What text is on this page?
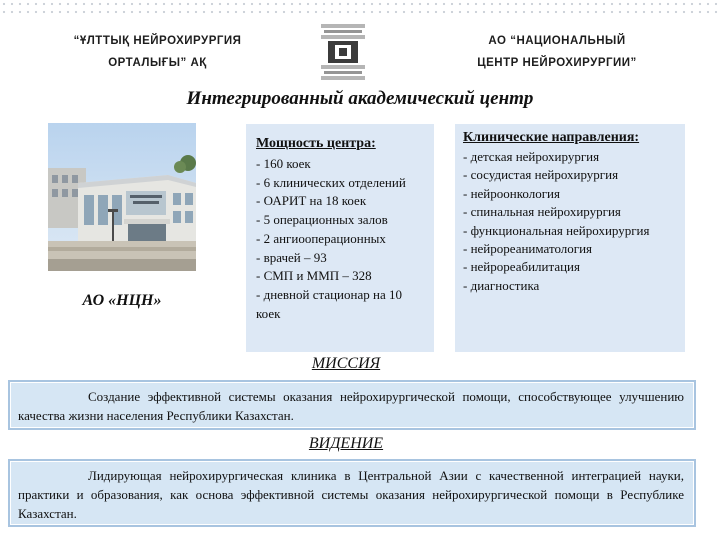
“ҰЛТТЫҚ НЕЙРОХИРУРГИЯ
ОРТАЛЫҒЫ” АҚ
АО “НАЦИОНАЛЬНЫЙ
ЦЕНТР НЕЙРОХИРУРГИИ”
Интегрированный академический центр
АО «НЦН»
Мощность центра:
- 160 коек
- 6 клинических отделений
- ОАРИТ на 18 коек
- 5 операционных залов
- 2 ангиооперационных
- врачей – 93
- СМП и ММП – 328
- дневной стационар на 10 коек
Клинические направления:
- детская нейрохирургия
- сосудистая нейрохирургия
- нейроонкология
- спинальная нейрохирургия
- функциональная нейрохирургия
- нейрореаниматология
- нейрореабилитация
- диагностика
МИССИЯ

Создание эффективной системы оказания нейрохирургической помощи, способствующее улучшению качества жизни населения Республики Казахстан.

ВИДЕНИЕ

Лидирующая нейрохирургическая клиника в Центральной Азии с качественной интеграцией науки, практики и образования, как основа эффективной системы оказания нейрохирургической помощи в Республике Казахстан.
